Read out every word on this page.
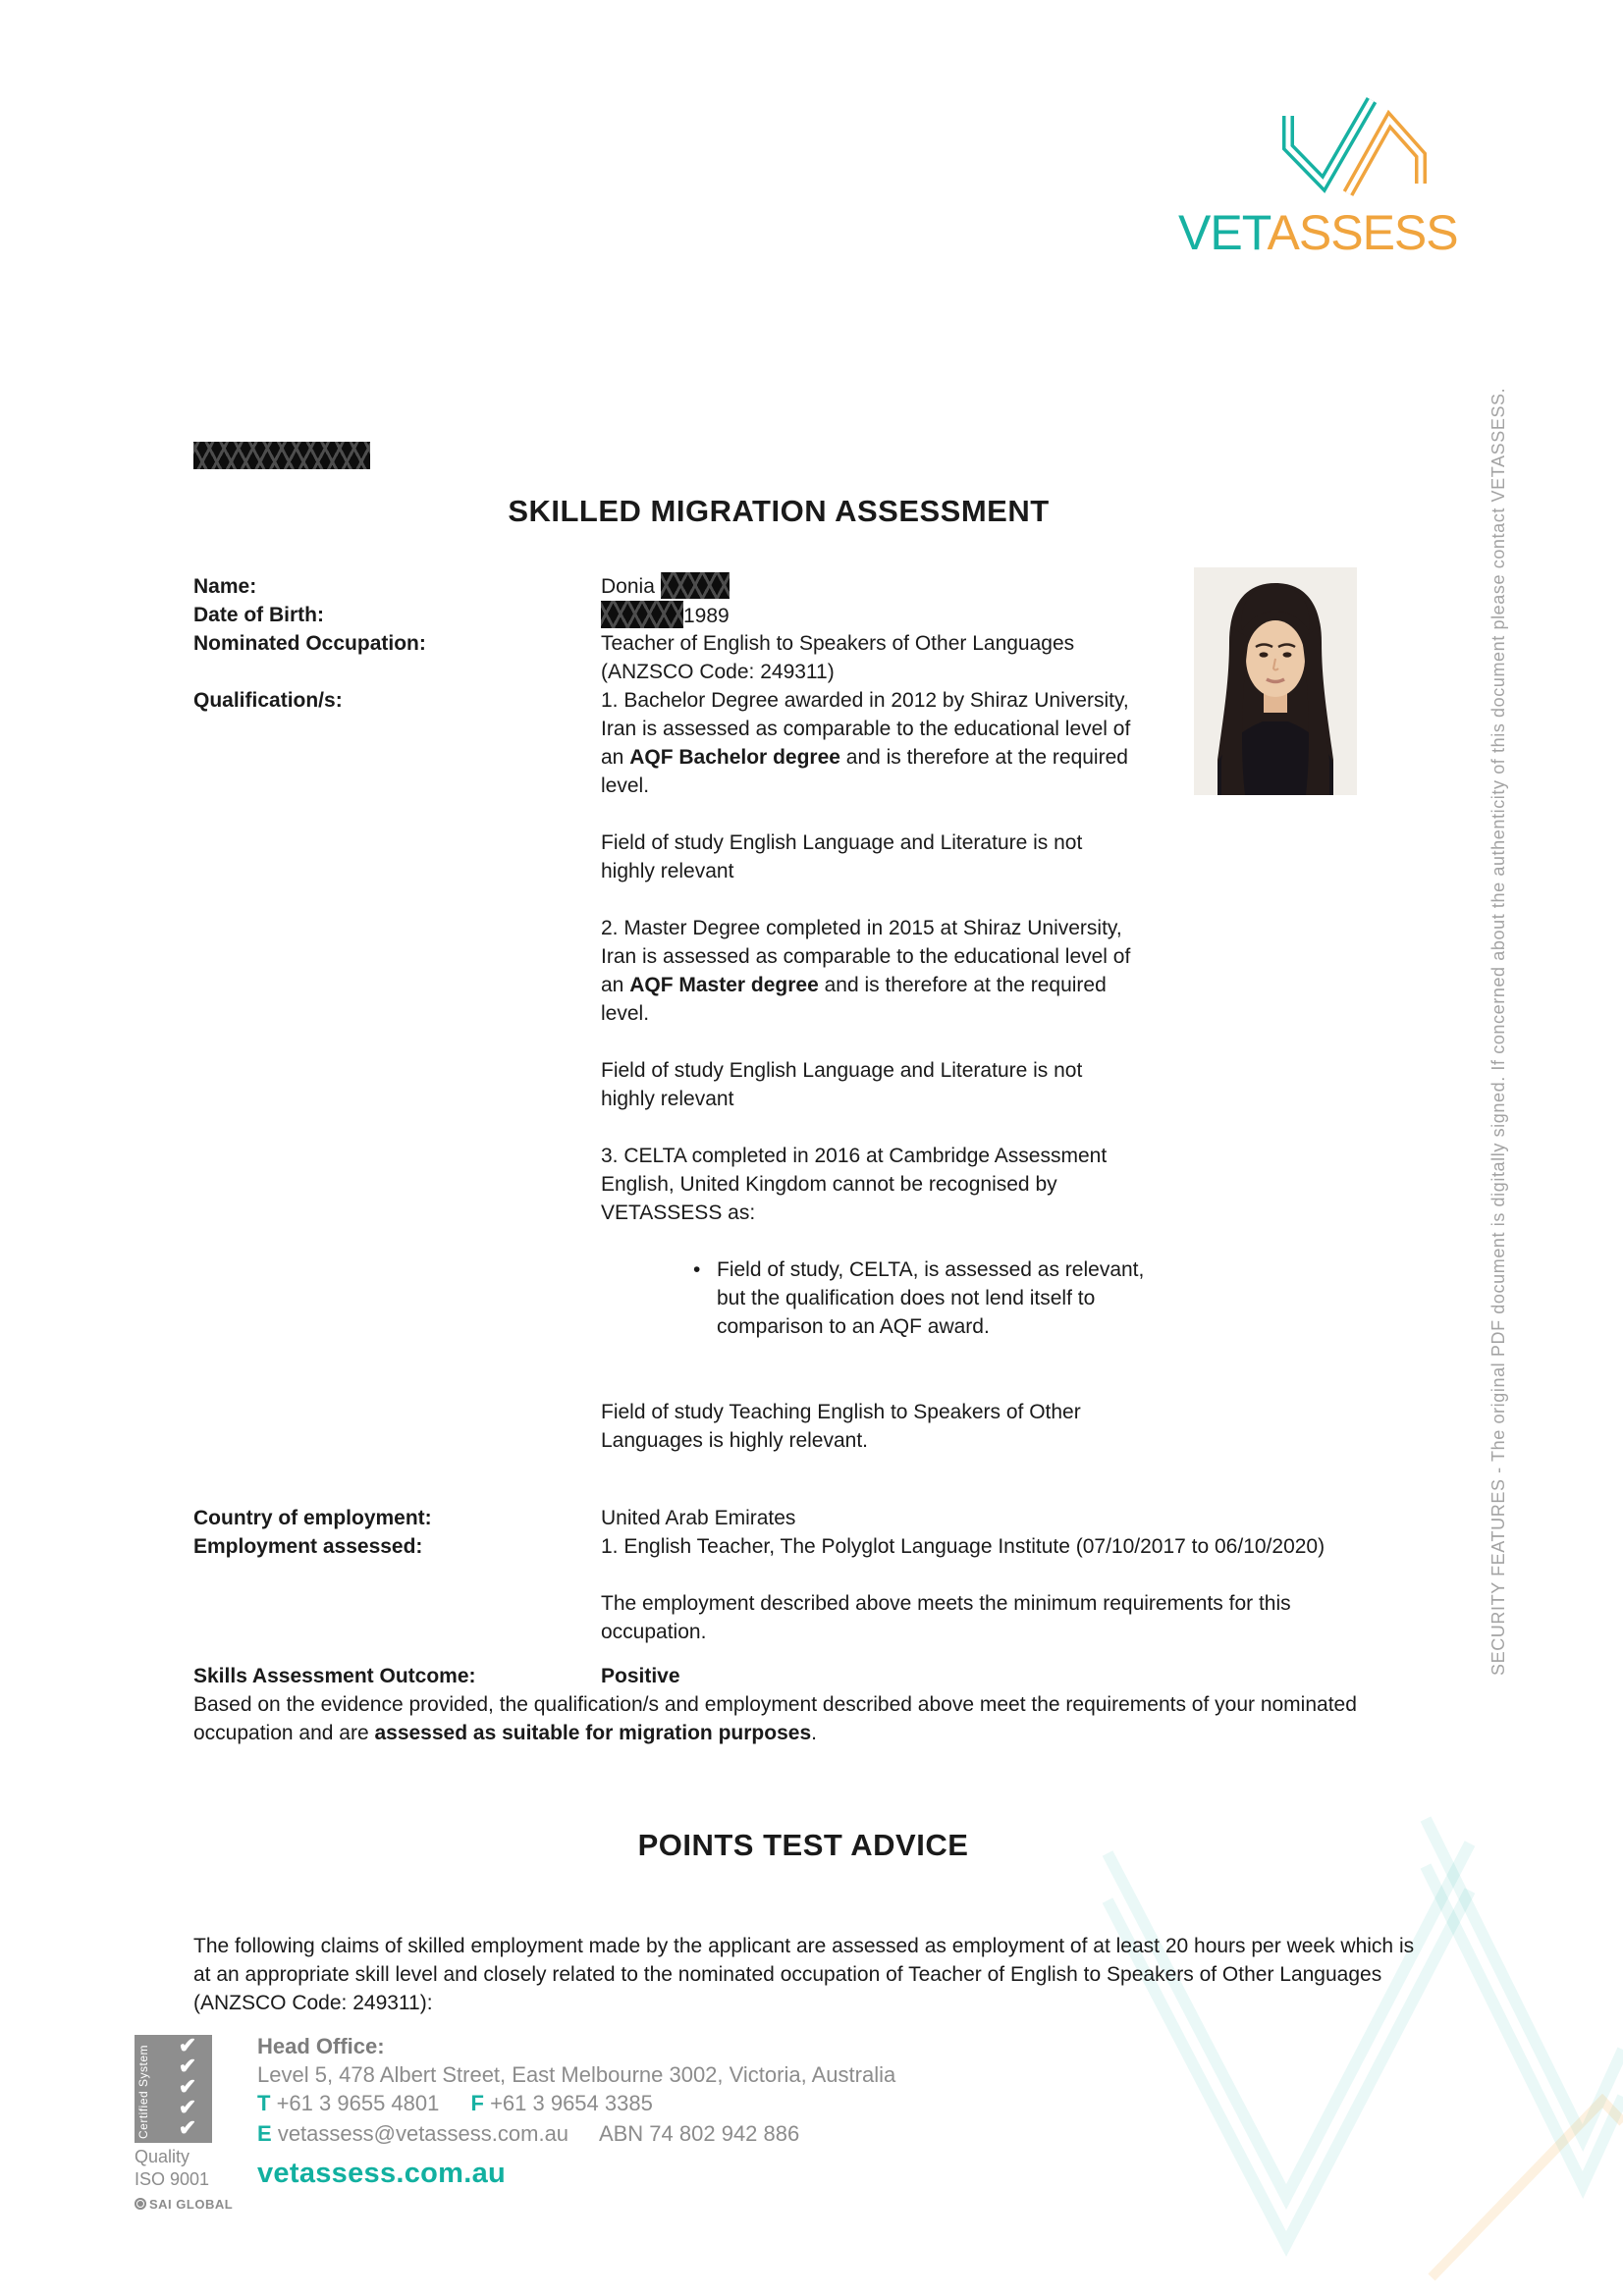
VETASSESS
SECURITY FEATURES - The original PDF document is digitally signed. If concerned about the authenticity of this document please contact VETASSESS.
SKILLED MIGRATION ASSESSMENT
Name:	Donia
Date of Birth:	1989
Nominated Occupation:	Teacher of English to Speakers of Other Languages (ANZSCO Code: 249311)
Qualification/s:	1. Bachelor Degree awarded in 2012 by Shiraz University, Iran is assessed as comparable to the educational level of an AQF Bachelor degree and is therefore at the required level.
Field of study English Language and Literature is not highly relevant
2. Master Degree completed in 2015 at Shiraz University, Iran is assessed as comparable to the educational level of an AQF Master degree and is therefore at the required level.
Field of study English Language and Literature is not highly relevant
3. CELTA completed in 2016 at Cambridge Assessment English, United Kingdom cannot be recognised by VETASSESS as:
• Field of study, CELTA, is assessed as relevant, but the qualification does not lend itself to comparison to an AQF award.
Field of study Teaching English to Speakers of Other Languages is highly relevant.
Country of employment:	United Arab Emirates
Employment assessed:	1. English Teacher, The Polyglot Language Institute (07/10/2017 to 06/10/2020)
The employment described above meets the minimum requirements for this occupation.
Skills Assessment Outcome:	Positive
Based on the evidence provided, the qualification/s and employment described above meet the requirements of your nominated occupation and are assessed as suitable for migration purposes.
POINTS TEST ADVICE
The following claims of skilled employment made by the applicant are assessed as employment of at least 20 hours per week which is at an appropriate skill level and closely related to the nominated occupation of Teacher of English to Speakers of Other Languages (ANZSCO Code: 249311):
Certified System	✔
✔
✔
✔
✔
Quality
ISO 9001
SAI GLOBAL
Head Office:
Level 5, 478 Albert Street, East Melbourne 3002, Victoria, Australia
T +61 3 9655 4801 F +61 3 9654 3385
E vetassess@vetassess.com.au ABN 74 802 942 886
vetassess.com.au
